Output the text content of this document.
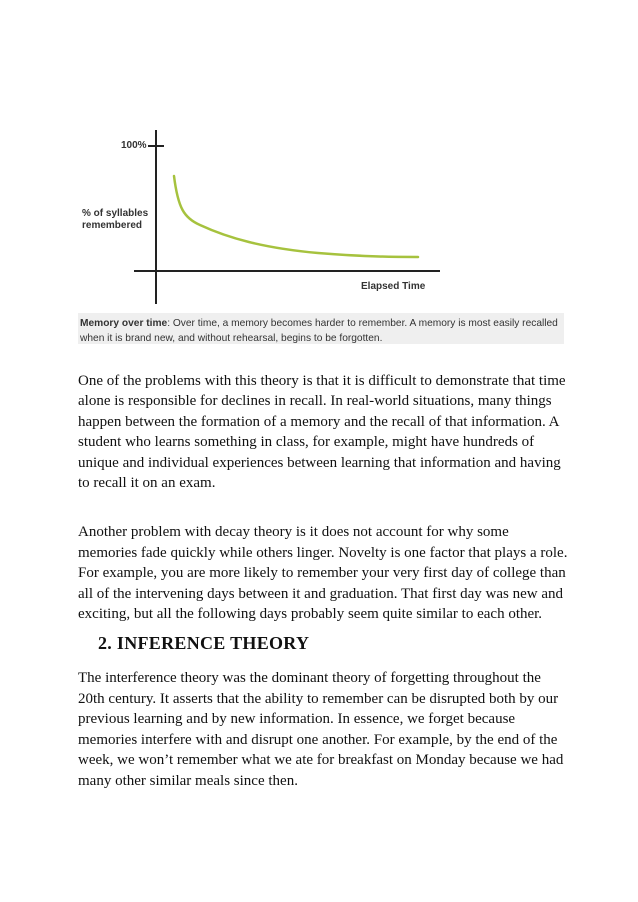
100%
% of syllables
remembered
Elapsed Time
Memory over time: Over time, a memory becomes harder to remember. A memory is most easily recalled when it is brand new, and without rehearsal, begins to be forgotten.

One of the problems with this theory is that it is difficult to demonstrate that time alone is responsible for declines in recall. In real-world situations, many things happen between the formation of a memory and the recall of that information. A student who learns something in class, for example, might have hundreds of unique and individual experiences between learning that information and having to recall it on an exam.

Another problem with decay theory is it does not account for why some memories fade quickly while others linger. Novelty is one factor that plays a role. For example, you are more likely to remember your very first day of college than all of the intervening days between it and graduation. That first day was new and exciting, but all the following days probably seem quite similar to each other.

2. INFERENCE THEORY

The interference theory was the dominant theory of forgetting throughout the 20th century. It asserts that the ability to remember can be disrupted both by our previous learning and by new information. In essence, we forget because memories interfere with and disrupt one another. For example, by the end of the week, we won’t remember what we ate for breakfast on Monday because we had many other similar meals since then.
